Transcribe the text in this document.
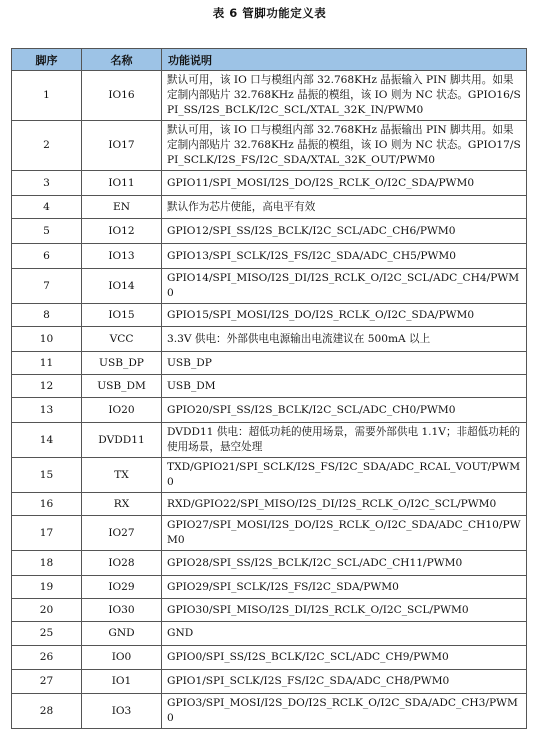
表 6 管脚功能定义表
脚序	名称	功能说明
1	IO16	默认可用，该 IO 口与模组内部 32.768KHz 晶振输入 PIN 脚共用。如果定制内部贴片 32.768KHz 晶振的模组，该 IO 则为 NC 状态。GPIO16/SPI_SS/I2S_BCLK/I2C_SCL/XTAL_32K_IN/PWM0
2	IO17	默认可用，该 IO 口与模组内部 32.768KHz 晶振输出 PIN 脚共用。如果定制内部贴片 32.768KHz 晶振的模组，该 IO 则为 NC 状态。GPIO17/SPI_SCLK/I2S_FS/I2C_SDA/XTAL_32K_OUT/PWM0
3	IO11	GPIO11/SPI_MOSI/I2S_DO/I2S_RCLK_O/I2C_SDA/PWM0
4	EN	默认作为芯片使能，高电平有效
5	IO12	GPIO12/SPI_SS/I2S_BCLK/I2C_SCL/ADC_CH6/PWM0
6	IO13	GPIO13/SPI_SCLK/I2S_FS/I2C_SDA/ADC_CH5/PWM0
7	IO14	GPIO14/SPI_MISO/I2S_DI/I2S_RCLK_O/I2C_SCL/ADC_CH4/PWM0
8	IO15	GPIO15/SPI_MOSI/I2S_DO/I2S_RCLK_O/I2C_SDA/PWM0
10	VCC	3.3V 供电：外部供电电源输出电流建议在 500mA 以上
11	USB_DP	USB_DP
12	USB_DM	USB_DM
13	IO20	GPIO20/SPI_SS/I2S_BCLK/I2C_SCL/ADC_CH0/PWM0
14	DVDD11	DVDD11 供电：超低功耗的使用场景，需要外部供电 1.1V；非超低功耗的使用场景，悬空处理
15	TX	TXD/GPIO21/SPI_SCLK/I2S_FS/I2C_SDA/ADC_RCAL_VOUT/PWM0
16	RX	RXD/GPIO22/SPI_MISO/I2S_DI/I2S_RCLK_O/I2C_SCL/PWM0
17	IO27	GPIO27/SPI_MOSI/I2S_DO/I2S_RCLK_O/I2C_SDA/ADC_CH10/PWM0
18	IO28	GPIO28/SPI_SS/I2S_BCLK/I2C_SCL/ADC_CH11/PWM0
19	IO29	GPIO29/SPI_SCLK/I2S_FS/I2C_SDA/PWM0
20	IO30	GPIO30/SPI_MISO/I2S_DI/I2S_RCLK_O/I2C_SCL/PWM0
25	GND	GND
26	IO0	GPIO0/SPI_SS/I2S_BCLK/I2C_SCL/ADC_CH9/PWM0
27	IO1	GPIO1/SPI_SCLK/I2S_FS/I2C_SDA/ADC_CH8/PWM0
28	IO3	GPIO3/SPI_MOSI/I2S_DO/I2S_RCLK_O/I2C_SDA/ADC_CH3/PWM0
